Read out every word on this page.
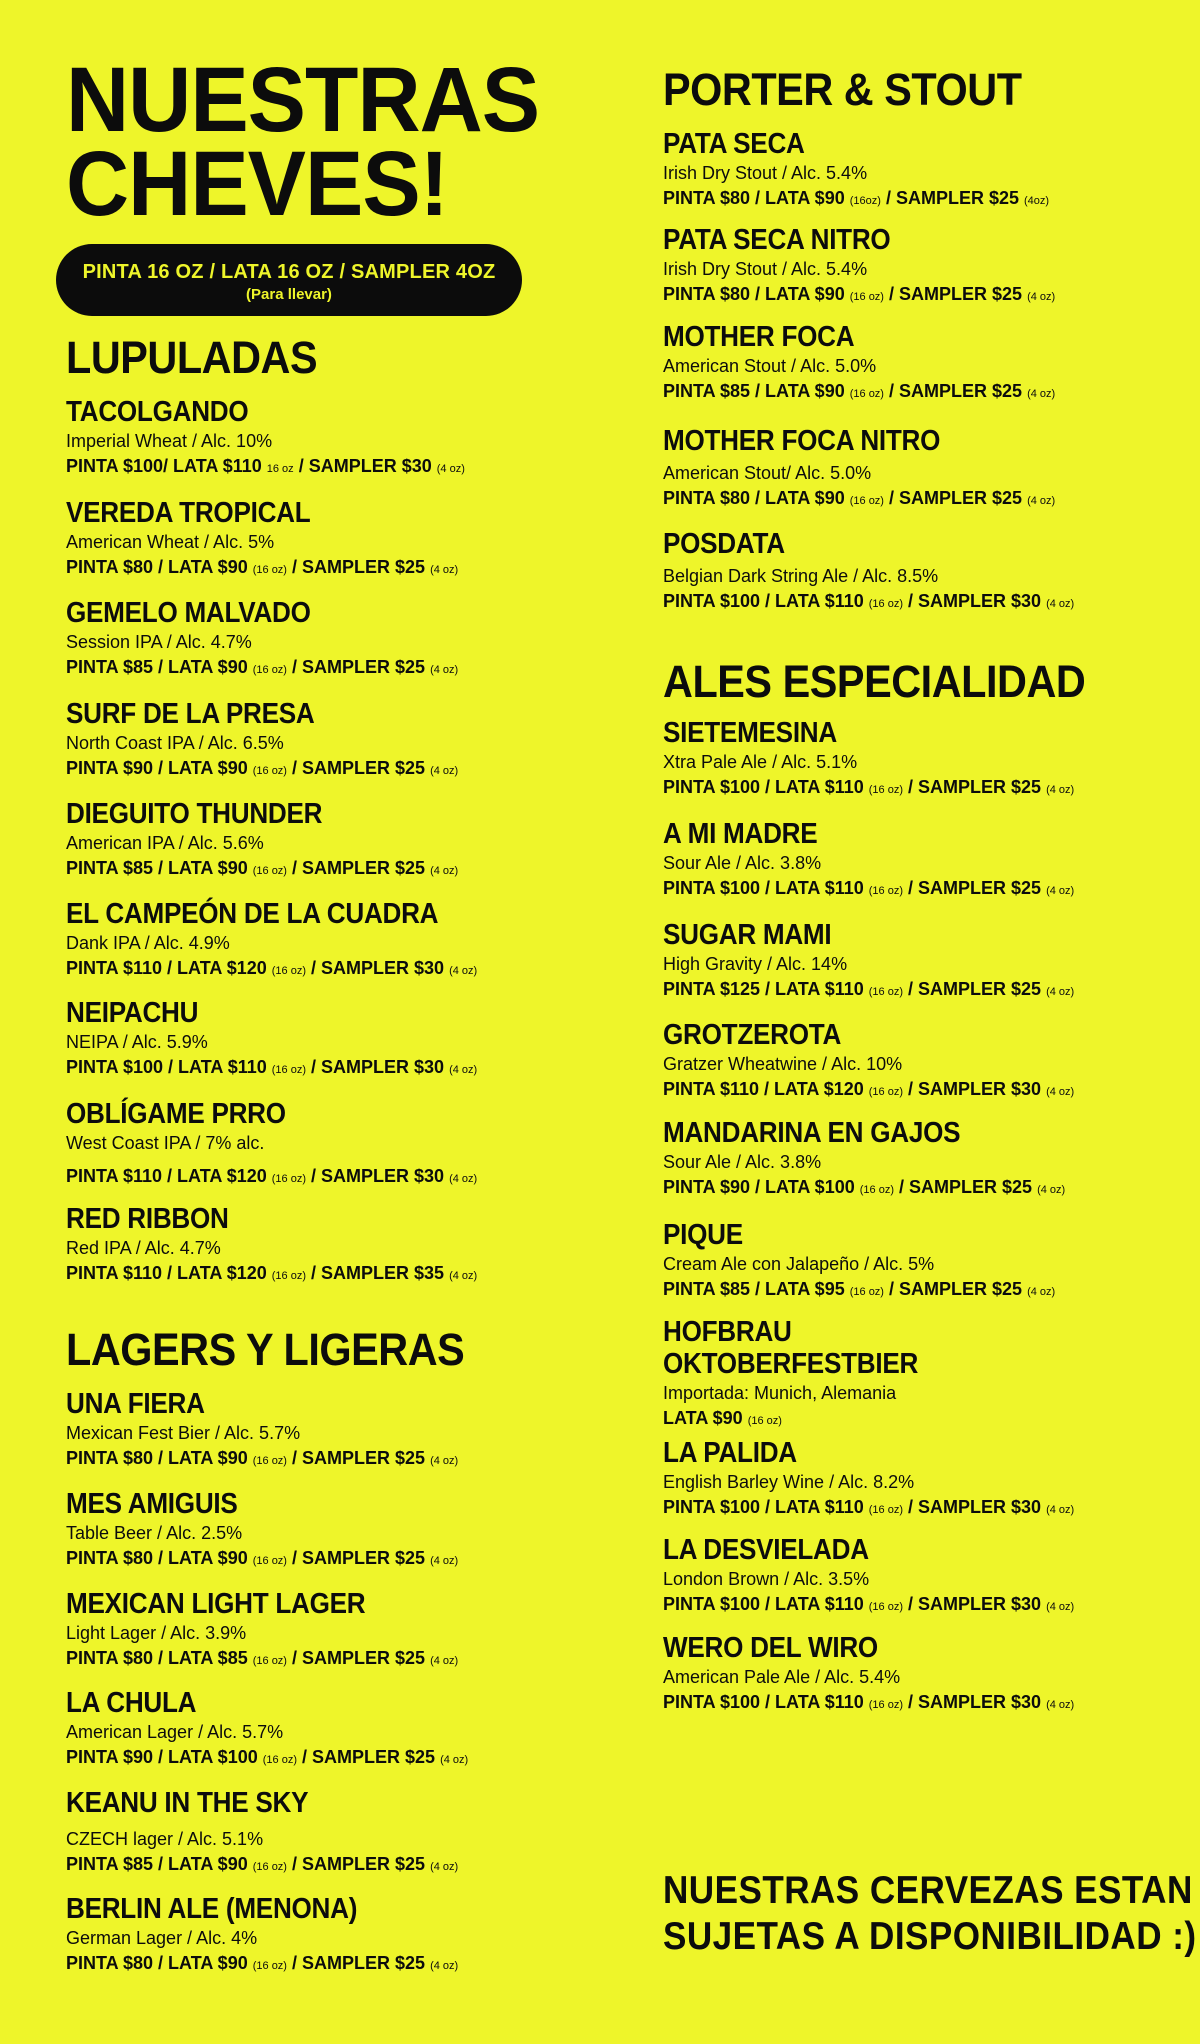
NUESTRAS
CHEVES!
PINTA 16 OZ / LATA 16 OZ / SAMPLER 4OZ
(Para llevar)
LUPULADAS
LAGERS Y LIGERAS
PORTER & STOUT
ALES ESPECIALIDAD
TACOLGANDO
Imperial Wheat / Alc. 10%
PINTA $100/ LATA $110 16 oz / SAMPLER $30 (4 oz)
VEREDA TROPICAL
American Wheat / Alc. 5%
PINTA $80 / LATA $90 (16 oz) / SAMPLER $25 (4 oz)
GEMELO MALVADO
Session IPA / Alc. 4.7%
PINTA $85 / LATA $90 (16 oz) / SAMPLER $25 (4 oz)
SURF DE LA PRESA
North Coast IPA / Alc. 6.5%
PINTA $90 / LATA $90 (16 oz) / SAMPLER $25 (4 oz)
DIEGUITO THUNDER
American IPA / Alc. 5.6%
PINTA $85 / LATA $90 (16 oz) / SAMPLER $25 (4 oz)
EL CAMPEÓN DE LA CUADRA
Dank IPA / Alc. 4.9%
PINTA $110 / LATA $120 (16 oz) / SAMPLER $30 (4 oz)
NEIPACHU
NEIPA / Alc. 5.9%
PINTA $100 / LATA $110 (16 oz) / SAMPLER $30 (4 oz)
OBLÍGAME PRRO
West Coast IPA / 7% alc.
PINTA $110 / LATA $120 (16 oz) / SAMPLER $30 (4 oz)
RED RIBBON
Red IPA / Alc. 4.7%
PINTA $110 / LATA $120 (16 oz) / SAMPLER $35 (4 oz)
UNA FIERA
Mexican Fest Bier / Alc. 5.7%
PINTA $80 / LATA $90 (16 oz) / SAMPLER $25 (4 oz)
MES AMIGUIS
Table Beer / Alc. 2.5%
PINTA $80 / LATA $90 (16 oz) / SAMPLER $25 (4 oz)
MEXICAN LIGHT LAGER
Light Lager / Alc. 3.9%
PINTA $80 / LATA $85 (16 oz) / SAMPLER $25 (4 oz)
LA CHULA
American Lager / Alc. 5.7%
PINTA $90 / LATA $100 (16 oz) / SAMPLER $25 (4 oz)
KEANU IN THE SKY
CZECH lager / Alc. 5.1%
PINTA $85 / LATA $90 (16 oz) / SAMPLER $25 (4 oz)
BERLIN ALE (MENONA)
German Lager / Alc. 4%
PINTA $80 / LATA $90 (16 oz) / SAMPLER $25 (4 oz)
PATA SECA
Irish Dry Stout / Alc. 5.4%
PINTA $80 / LATA $90 (16oz) / SAMPLER $25 (4oz)
PATA SECA NITRO
Irish Dry Stout / Alc. 5.4%
PINTA $80 / LATA $90 (16 oz) / SAMPLER $25 (4 oz)
MOTHER FOCA
American Stout / Alc. 5.0%
PINTA $85 / LATA $90 (16 oz) / SAMPLER $25 (4 oz)
MOTHER FOCA NITRO
American Stout/ Alc. 5.0%
PINTA $80 / LATA $90 (16 oz) / SAMPLER $25 (4 oz)
POSDATA
Belgian Dark String Ale / Alc. 8.5%
PINTA $100 / LATA $110 (16 oz) / SAMPLER $30 (4 oz)
SIETEMESINA
Xtra Pale Ale / Alc. 5.1%
PINTA $100 / LATA $110 (16 oz) / SAMPLER $25 (4 oz)
A MI MADRE
Sour Ale / Alc. 3.8%
PINTA $100 / LATA $110 (16 oz) / SAMPLER $25 (4 oz)
SUGAR MAMI
High Gravity / Alc. 14%
PINTA $125 / LATA $110 (16 oz) / SAMPLER $25 (4 oz)
GROTZEROTA
Gratzer Wheatwine / Alc. 10%
PINTA $110 / LATA $120 (16 oz) / SAMPLER $30 (4 oz)
MANDARINA EN GAJOS
Sour Ale / Alc. 3.8%
PINTA $90 / LATA $100 (16 oz) / SAMPLER $25 (4 oz)
PIQUE
Cream Ale con Jalapeño / Alc. 5%
PINTA $85 / LATA $95 (16 oz) / SAMPLER $25 (4 oz)
HOFBRAU
OKTOBERFESTBIER
Importada: Munich, Alemania
LATA $90 (16 oz)
LA PALIDA
English Barley Wine / Alc. 8.2%
PINTA $100 / LATA $110 (16 oz) / SAMPLER $30 (4 oz)
LA DESVIELADA
London Brown / Alc. 3.5%
PINTA $100 / LATA $110 (16 oz) / SAMPLER $30 (4 oz)
WERO DEL WIRO
American Pale Ale / Alc. 5.4%
PINTA $100 / LATA $110 (16 oz) / SAMPLER $30 (4 oz)
NUESTRAS CERVEZAS ESTAN
SUJETAS A DISPONIBILIDAD :)
